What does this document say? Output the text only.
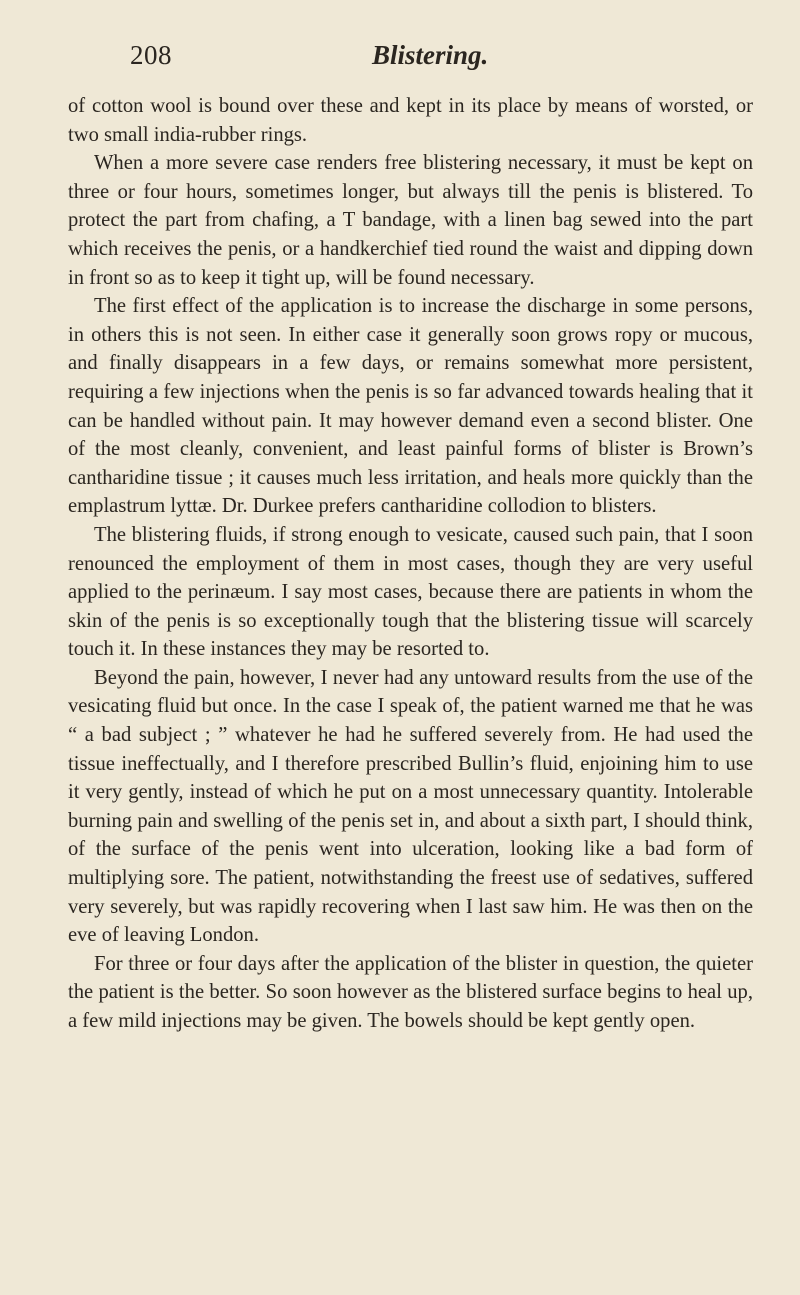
208	Blistering.

of cotton wool is bound over these and kept in its place by means of worsted, or two small india-rubber rings.

When a more severe case renders free blistering necessary, it must be kept on three or four hours, sometimes longer, but always till the penis is blistered. To protect the part from chafing, a T bandage, with a linen bag sewed into the part which receives the penis, or a handkerchief tied round the waist and dipping down in front so as to keep it tight up, will be found necessary.

The first effect of the application is to increase the discharge in some persons, in others this is not seen. In either case it generally soon grows ropy or mucous, and finally disappears in a few days, or remains somewhat more persistent, requiring a few injections when the penis is so far advanced towards healing that it can be handled without pain. It may however demand even a second blister. One of the most cleanly, convenient, and least painful forms of blister is Brown’s cantharidine tissue ; it causes much less irritation, and heals more quickly than the emplastrum lyttæ. Dr. Durkee prefers cantharidine collodion to blisters.

The blistering fluids, if strong enough to vesicate, caused such pain, that I soon renounced the employment of them in most cases, though they are very useful applied to the perinæum. I say most cases, because there are patients in whom the skin of the penis is so exceptionally tough that the blistering tissue will scarcely touch it. In these instances they may be resorted to.

Beyond the pain, however, I never had any untoward results from the use of the vesicating fluid but once. In the case I speak of, the patient warned me that he was “ a bad subject ; ” whatever he had he suffered severely from. He had used the tissue ineffectually, and I therefore prescribed Bullin’s fluid, enjoining him to use it very gently, instead of which he put on a most unnecessary quantity. Intolerable burning pain and swelling of the penis set in, and about a sixth part, I should think, of the surface of the penis went into ulceration, looking like a bad form of multiplying sore. The patient, notwithstanding the freest use of sedatives, suffered very severely, but was rapidly recovering when I last saw him. He was then on the eve of leaving London.

For three or four days after the application of the blister in question, the quieter the patient is the better. So soon however as the blistered surface begins to heal up, a few mild injections may be given. The bowels should be kept gently open.
